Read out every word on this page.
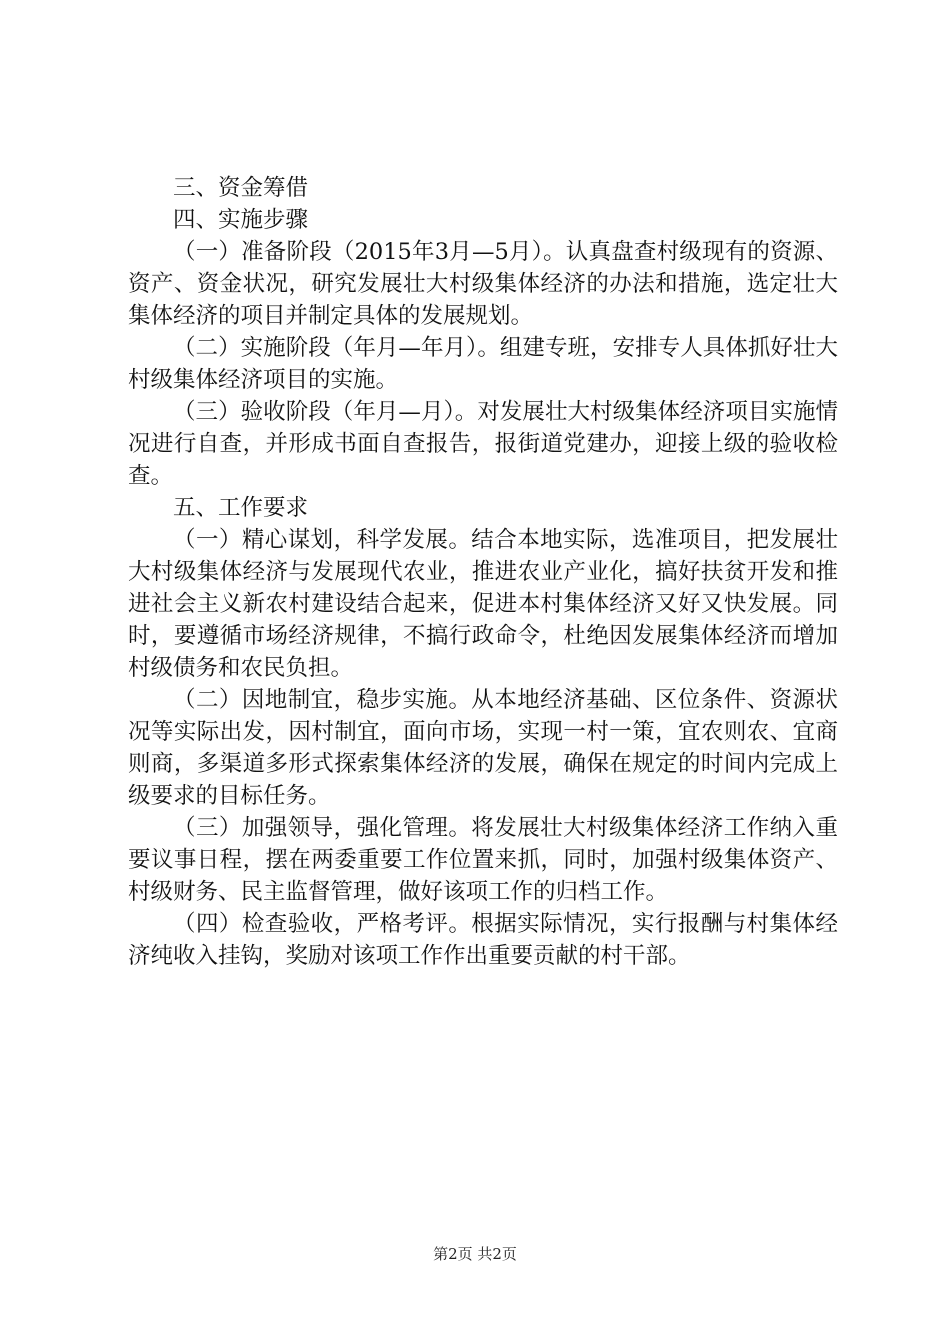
三、资金筹借

四、实施步骤

（一）准备阶段（2015年3月—5月）。认真盘查村级现有的资源、资产、资金状况，研究发展壮大村级集体经济的办法和措施，选定壮大集体经济的项目并制定具体的发展规划。

（二）实施阶段（年月—年月）。组建专班，安排专人具体抓好壮大村级集体经济项目的实施。

（三）验收阶段（年月—月）。对发展壮大村级集体经济项目实施情况进行自查，并形成书面自查报告，报街道党建办，迎接上级的验收检查。

五、工作要求

（一）精心谋划，科学发展。结合本地实际，选准项目，把发展壮大村级集体经济与发展现代农业，推进农业产业化，搞好扶贫开发和推进社会主义新农村建设结合起来，促进本村集体经济又好又快发展。同时，要遵循市场经济规律，不搞行政命令，杜绝因发展集体经济而增加村级债务和农民负担。

（二）因地制宜，稳步实施。从本地经济基础、区位条件、资源状况等实际出发，因村制宜，面向市场，实现一村一策，宜农则农、宜商则商，多渠道多形式探索集体经济的发展，确保在规定的时间内完成上级要求的目标任务。

（三）加强领导，强化管理。将发展壮大村级集体经济工作纳入重要议事日程，摆在两委重要工作位置来抓，同时，加强村级集体资产、村级财务、民主监督管理，做好该项工作的归档工作。

（四）检查验收，严格考评。根据实际情况，实行报酬与村集体经济纯收入挂钩，奖励对该项工作作出重要贡献的村干部。

第2页 共2页
